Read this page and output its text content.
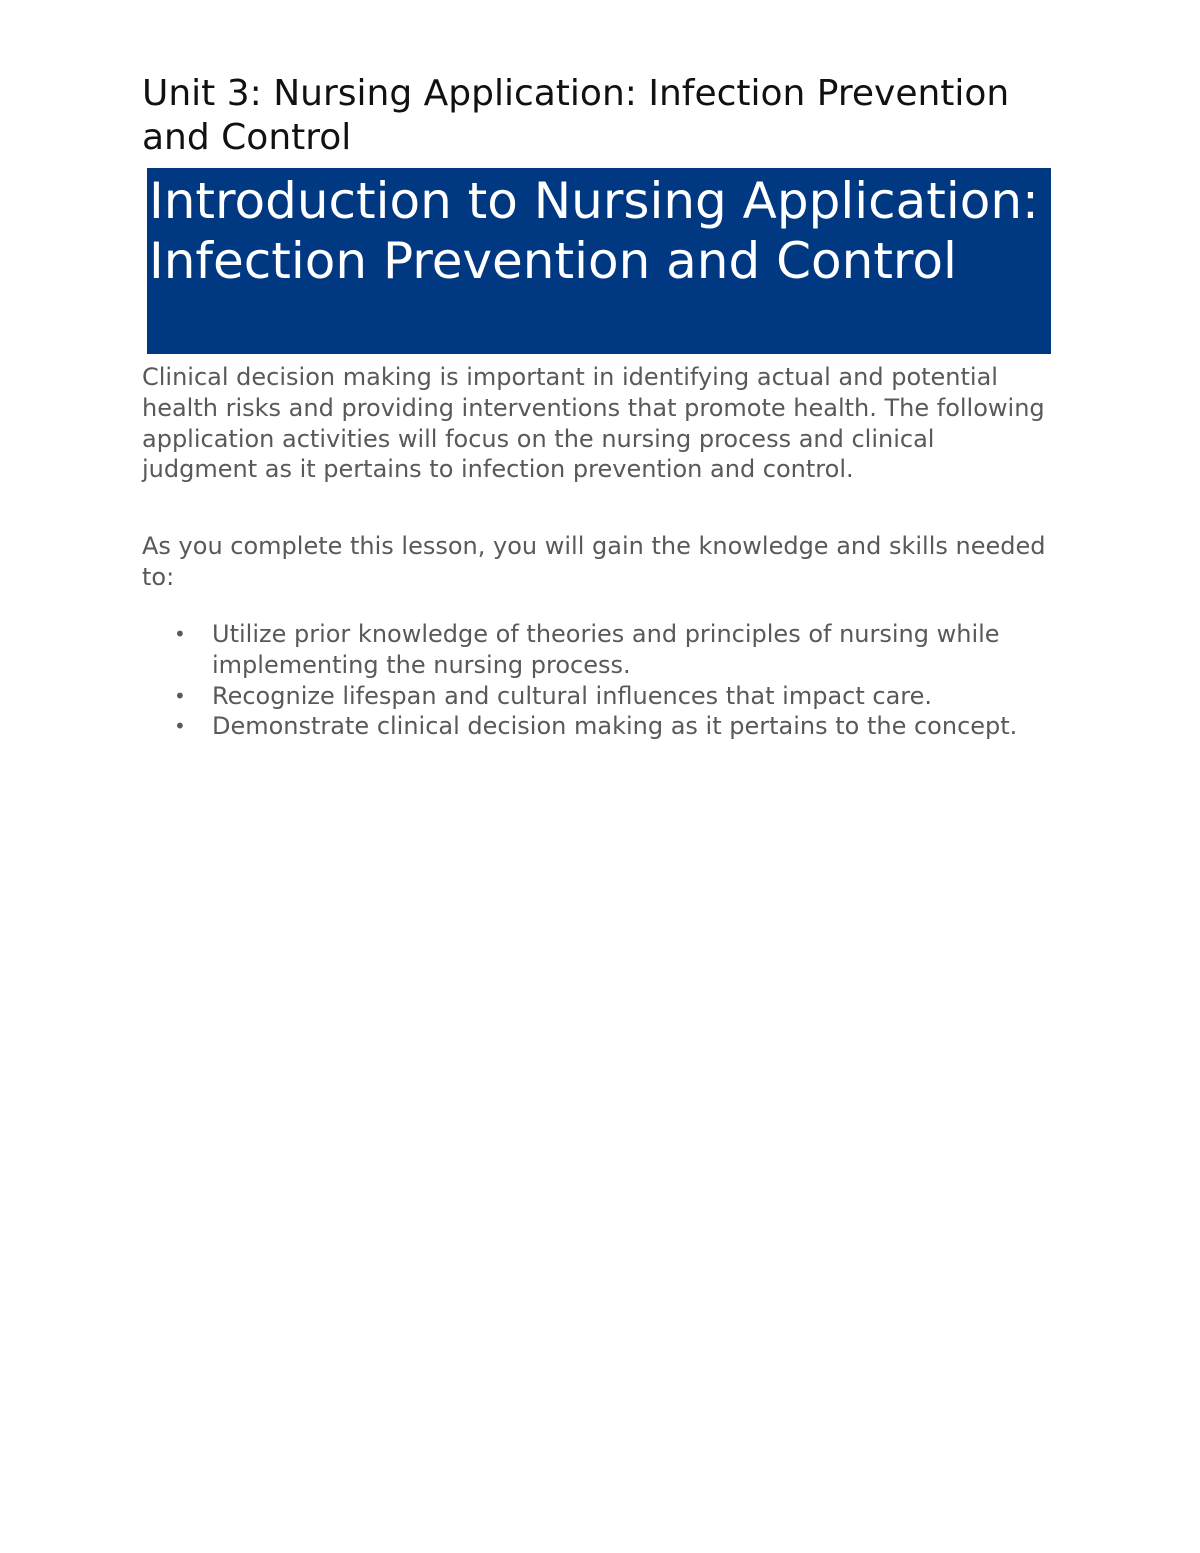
Unit 3: Nursing Application: Infection Prevention and Control
Introduction to Nursing Application: Infection Prevention and Control

Clinical decision making is important in identifying actual and potential health risks and providing interventions that promote health. The following application activities will focus on the nursing process and clinical judgment as it pertains to infection prevention and control.

As you complete this lesson, you will gain the knowledge and skills needed to:

• Utilize prior knowledge of theories and principles of nursing while implementing the nursing process.
• Recognize lifespan and cultural influences that impact care.
• Demonstrate clinical decision making as it pertains to the concept.
